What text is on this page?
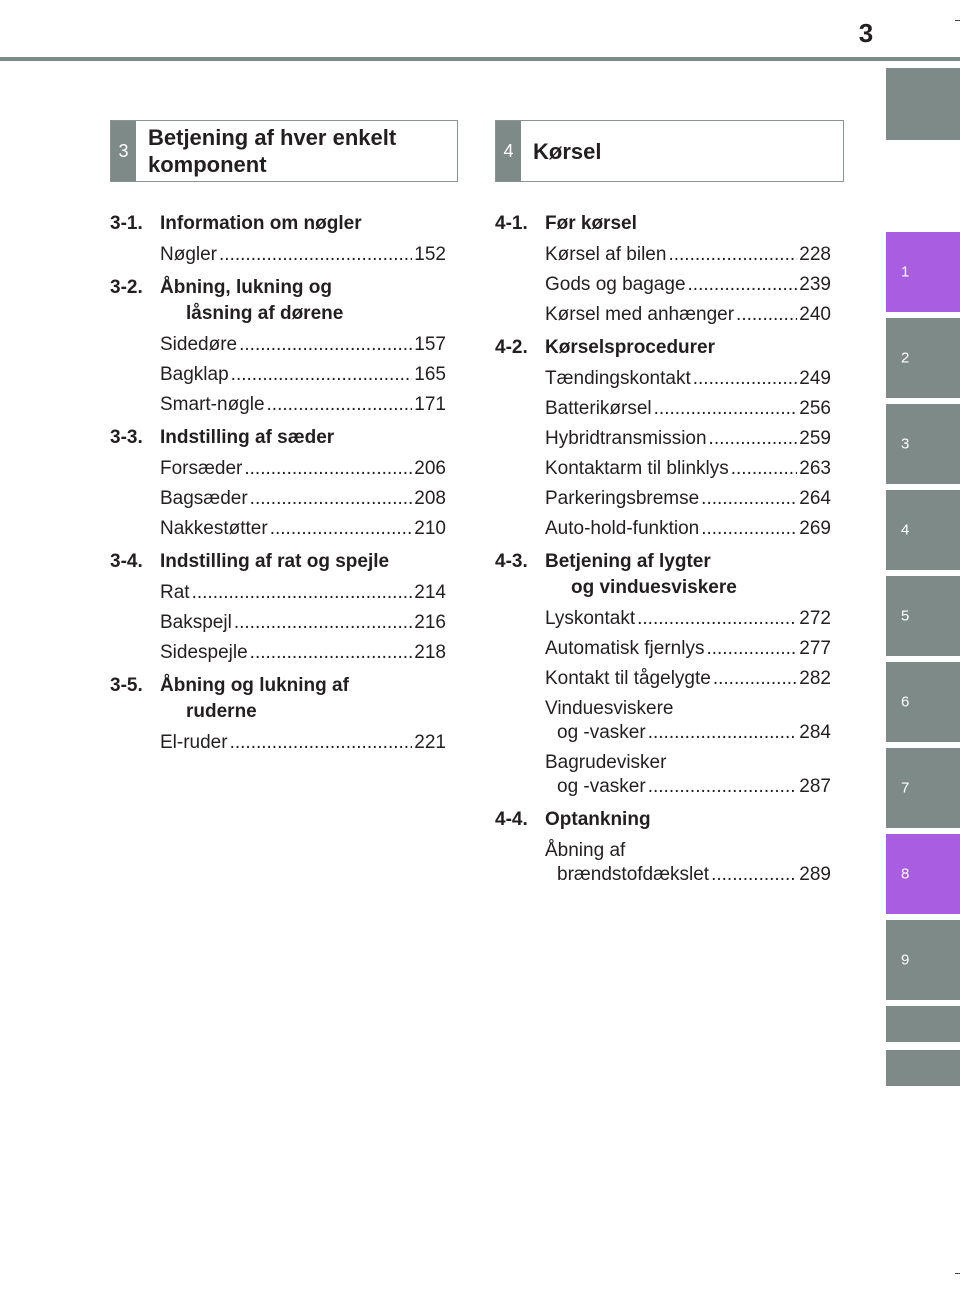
3
1
2
3
4
5
6
7
8
9
3
Betjening af hver enkelt
komponent
4 Kørsel
3-1. Information om nøgler
Nøgler .....	152
3-2. Åbning, lukning og
låsning af dørene
Sidedøre .....	157
Bagklap .....	165
Smart-nøgle .....	171
3-3. Indstilling af sæder
Forsæder .....	206
Bagsæder .....	208
Nakkestøtter .....	210
3-4. Indstilling af rat og spejle
Rat .....	214
Bakspejl .....	216
Sidespejle .....	218
3-5. Åbning og lukning af
ruderne
El-ruder .....	221
4-1. Før kørsel
Kørsel af bilen .....	228
Gods og bagage .....	239
Kørsel med anhænger .....	240
4-2. Kørselsprocedurer
Tændingskontakt .....	249
Batterikørsel .....	256
Hybridtransmission .....	259
Kontaktarm til blinklys .....	263
Parkeringsbremse .....	264
Auto-hold-funktion .....	269
4-3. Betjening af lygter
og vinduesviskere
Lyskontakt .....	272
Automatisk fjernlys .....	277
Kontakt til tågelygte .....	282
Vinduesviskere
og -vasker .....	284
Bagrudevisker
og -vasker .....	287
4-4. Optankning
Åbning af
brændstofdækslet .....	289
